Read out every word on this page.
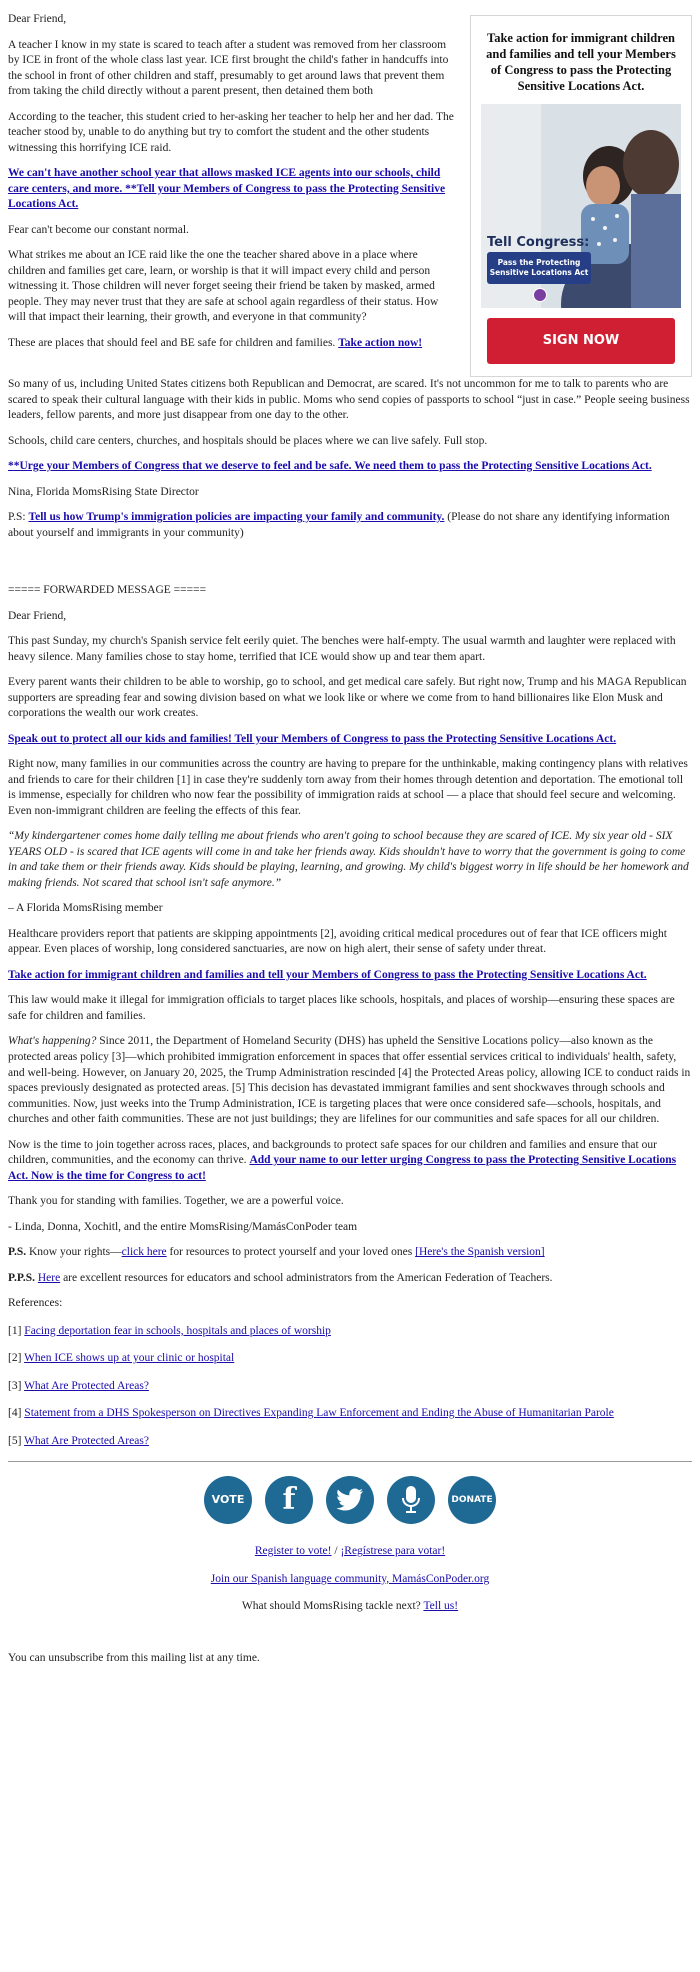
Dear Friend,

A teacher I know in my state is scared to teach after a student was removed from her classroom by ICE in front of the whole class last year. ICE first brought the child's father in handcuffs into the school in front of other children and staff, presumably to get around laws that prevent them from taking the child directly without a parent present, then detained them both

According to the teacher, this student cried to her-asking her teacher to help her and her dad. The teacher stood by, unable to do anything but try to comfort the student and the other students witnessing this horrifying ICE raid.

We can't have another school year that allows masked ICE agents into our schools, child care centers, and more. **Tell your Members of Congress to pass the Protecting Sensitive Locations Act.

Fear can't become our constant normal.

What strikes me about an ICE raid like the one the teacher shared above in a place where children and families get care, learn, or worship is that it will impact every child and person witnessing it. Those children will never forget seeing their friend be taken by masked, armed people. They may never trust that they are safe at school again regardless of their status. How will that impact their learning, their growth, and everyone in that community?

These are places that should feel and BE safe for children and families. Take action now!

Take action for immigrant children and families and tell your Members of Congress to pass the Protecting Sensitive Locations Act.
Tell Congress:
Pass the Protecting
Sensitive Locations Act
SIGN NOW

So many of us, including United States citizens both Republican and Democrat, are scared. It's not uncommon for me to talk to parents who are scared to speak their cultural language with their kids in public. Moms who send copies of passports to school “just in case.” People seeing business leaders, fellow parents, and more just disappear from one day to the other.

Schools, child care centers, churches, and hospitals should be places where we can live safely. Full stop.

**Urge your Members of Congress that we deserve to feel and be safe. We need them to pass the Protecting Sensitive Locations Act.

Nina, Florida MomsRising State Director

P.S: Tell us how Trump's immigration policies are impacting your family and community. (Please do not share any identifying information about yourself and immigrants in your community)

===== FORWARDED MESSAGE =====

Dear Friend,

This past Sunday, my church's Spanish service felt eerily quiet. The benches were half-empty. The usual warmth and laughter were replaced with heavy silence. Many families chose to stay home, terrified that ICE would show up and tear them apart.

Every parent wants their children to be able to worship, go to school, and get medical care safely. But right now, Trump and his MAGA Republican supporters are spreading fear and sowing division based on what we look like or where we come from to hand billionaires like Elon Musk and corporations the wealth our work creates.

Speak out to protect all our kids and families! Tell your Members of Congress to pass the Protecting Sensitive Locations Act.

Right now, many families in our communities across the country are having to prepare for the unthinkable, making contingency plans with relatives and friends to care for their children [1] in case they're suddenly torn away from their homes through detention and deportation. The emotional toll is immense, especially for children who now fear the possibility of immigration raids at school — a place that should feel secure and welcoming. Even non-immigrant children are feeling the effects of this fear.

“My kindergartener comes home daily telling me about friends who aren't going to school because they are scared of ICE. My six year old - SIX YEARS OLD - is scared that ICE agents will come in and take her friends away. Kids shouldn't have to worry that the government is going to come in and take them or their friends away. Kids should be playing, learning, and growing. My child's biggest worry in life should be her homework and making friends. Not scared that school isn't safe anymore.”

– A Florida MomsRising member

Healthcare providers report that patients are skipping appointments [2], avoiding critical medical procedures out of fear that ICE officers might appear. Even places of worship, long considered sanctuaries, are now on high alert, their sense of safety under threat.

Take action for immigrant children and families and tell your Members of Congress to pass the Protecting Sensitive Locations Act.

This law would make it illegal for immigration officials to target places like schools, hospitals, and places of worship—ensuring these spaces are safe for children and families.

What's happening? Since 2011, the Department of Homeland Security (DHS) has upheld the Sensitive Locations policy—also known as the protected areas policy [3]—which prohibited immigration enforcement in spaces that offer essential services critical to individuals' health, safety, and well-being. However, on January 20, 2025, the Trump Administration rescinded [4] the Protected Areas policy, allowing ICE to conduct raids in spaces previously designated as protected areas. [5] This decision has devastated immigrant families and sent shockwaves through schools and communities. Now, just weeks into the Trump Administration, ICE is targeting places that were once considered safe—schools, hospitals, and churches and other faith communities. These are not just buildings; they are lifelines for our communities and safe spaces for all our children.

Now is the time to join together across races, places, and backgrounds to protect safe spaces for our children and families and ensure that our children, communities, and the economy can thrive. Add your name to our letter urging Congress to pass the Protecting Sensitive Locations Act. Now is the time for Congress to act!

Thank you for standing with families. Together, we are a powerful voice.

- Linda, Donna, Xochitl, and the entire MomsRising/MamásConPoder team

P.S. Know your rights—click here for resources to protect yourself and your loved ones [Here's the Spanish version]

P.P.S. Here are excellent resources for educators and school administrators from the American Federation of Teachers.

References:

[1] Facing deportation fear in schools, hospitals and places of worship

[2] When ICE shows up at your clinic or hospital

[3] What Are Protected Areas?

[4] Statement from a DHS Spokesperson on Directives Expanding Law Enforcement and Ending the Abuse of Humanitarian Parole

[5] What Are Protected Areas?

VOTE f	DONATE

Register to vote! / ¡Regístrese para votar!

Join our Spanish language community, MamásConPoder.org

What should MomsRising tackle next? Tell us!

You can unsubscribe from this mailing list at any time.
